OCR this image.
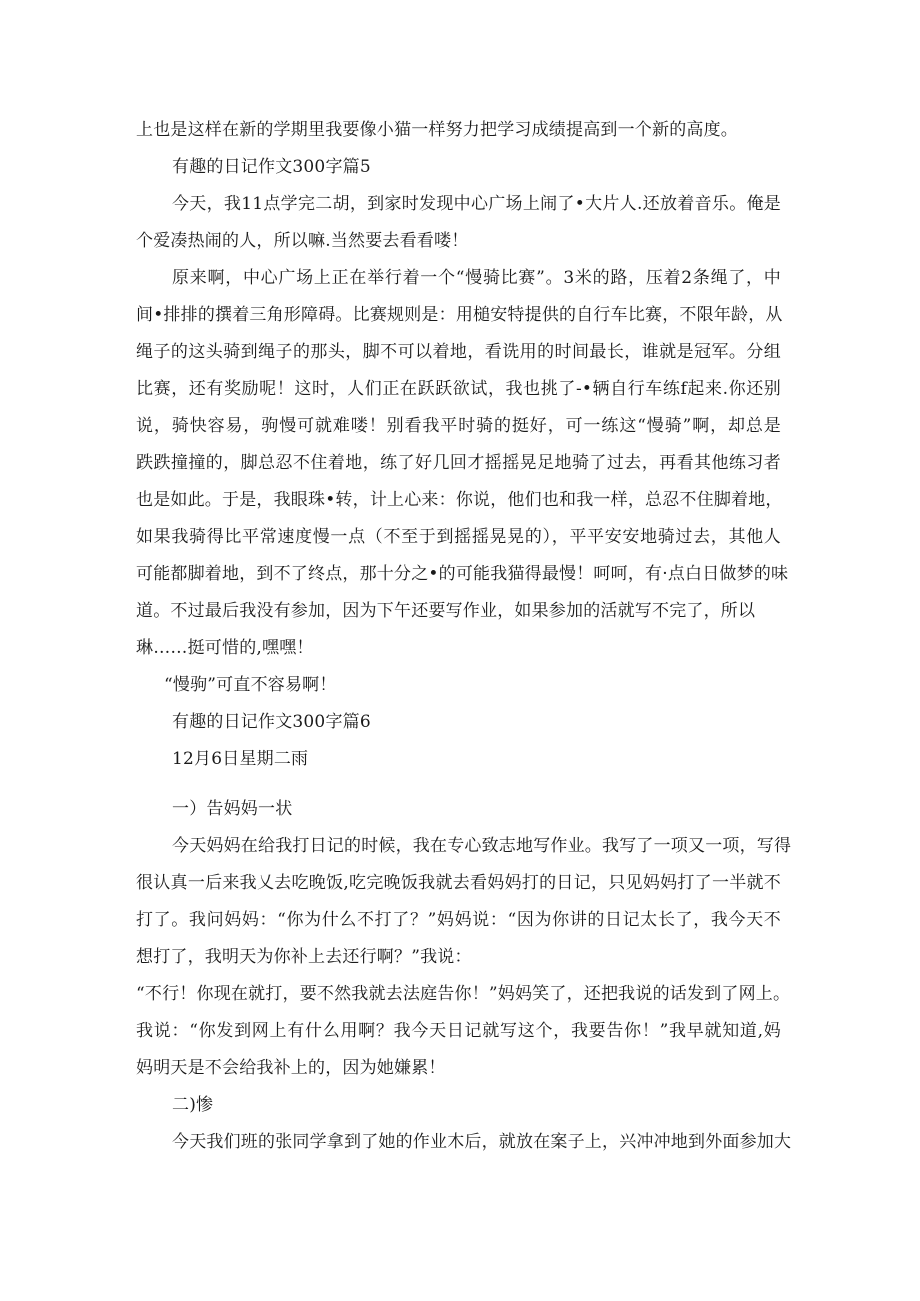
上也是这样在新的学期里我要像小猫一样努力把学习成绩提高到一个新的高度。
有趣的日记作文300字篇5
今天，我11点学完二胡，到家时发现中心广场上闹了•大片人.还放着音乐。俺是
个爱凑热闹的人，所以嘛.当然要去看看喽！
原来啊，中心广场上正在举行着一个“慢骑比赛”。3米的路，压着2条绳了，中
间•排排的撰着三角形障碍。比赛规则是：用槌安特提供的自行车比赛，不限年龄，从
绳子的这头骑到绳子的那头，脚不可以着地，看诜用的时间最长，谁就是冠军。分组
比赛，还有奖励呢！这时，人们正在跃跃欲试，我也挑了-•辆自行车练f起来.你还别
说，骑快容易，驹慢可就难喽！别看我平时骑的挺好，可一练这“慢骑”啊，却总是
跌跌撞撞的，脚总忍不住着地，练了好几回才摇摇晃足地骑了过去，再看其他练习者
也是如此。于是，我眼珠•转，计上心来：你说，他们也和我一样，总忍不住脚着地，
如果我骑得比平常速度慢一点（不至于到摇摇晃晃的），平平安安地骑过去，其他人
可能都脚着地，到不了终点，那十分之•的可能我猫得最慢！呵呵，有·点白日做梦的味
道。不过最后我没有参加，因为下午还要写作业，如果参加的活就写不完了，所以
琳……挺可惜的,嘿嘿！
“慢驹”可直不容易啊！
有趣的日记作文300字篇6
12月6日星期二雨
一）告妈妈一状
今天妈妈在给我打日记的时候，我在专心致志地写作业。我写了一项又一项，写得
很认真一后来我乂去吃晚饭,吃完晚饭我就去看妈妈打的日记，只见妈妈打了一半就不
打了。我问妈妈：“你为什么不打了？”妈妈说：“因为你讲的日记太长了，我今天不
想打了，我明天为你补上去还行啊？”我说：
“不行！你现在就打，要不然我就去法庭告你！”妈妈笑了，还把我说的话发到了网上。
我说：“你发到网上有什么用啊？我今天日记就写这个，我要告你！”我早就知道,妈
妈明天是不会给我补上的，因为她嫌累！
二)惨
今天我们班的张同学拿到了她的作业木后，就放在案子上，兴冲冲地到外面参加大
